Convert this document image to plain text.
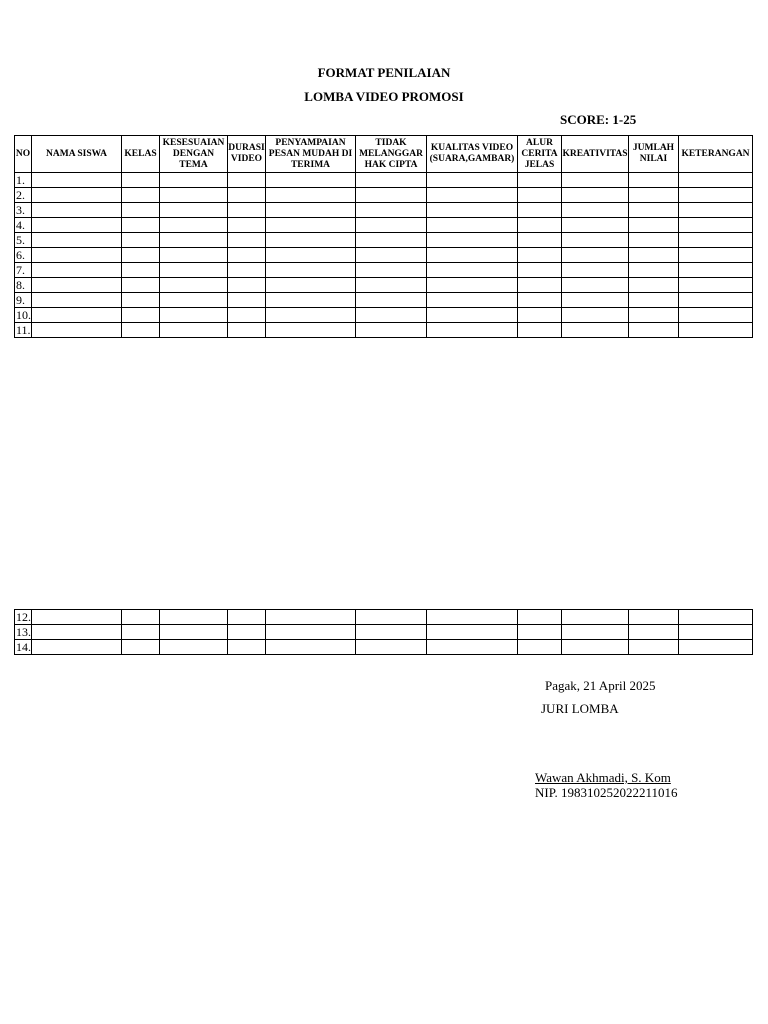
FORMAT PENILAIAN
LOMBA VIDEO PROMOSI
SCORE: 1-25
NO	NAMA SISWA	KELAS	KESESUAIAN DENGAN TEMA	DURASI VIDEO	PENYAMPAIAN PESAN MUDAH DI TERIMA	TIDAK MELANGGAR HAK CIPTA	KUALITAS VIDEO (SUARA,GAMBAR)	ALUR CERITA JELAS	KREATIVITAS	JUMLAH NILAI	KETERANGAN
1.											
2.											
3.											
4.											
5.											
6.											
7.											
8.											
9.											
10.											
11.											
12.											
13.											
14.											
Pagak, 21 April 2025
JURI LOMBA
Wawan Akhmadi, S. Kom
NIP. 198310252022211016
